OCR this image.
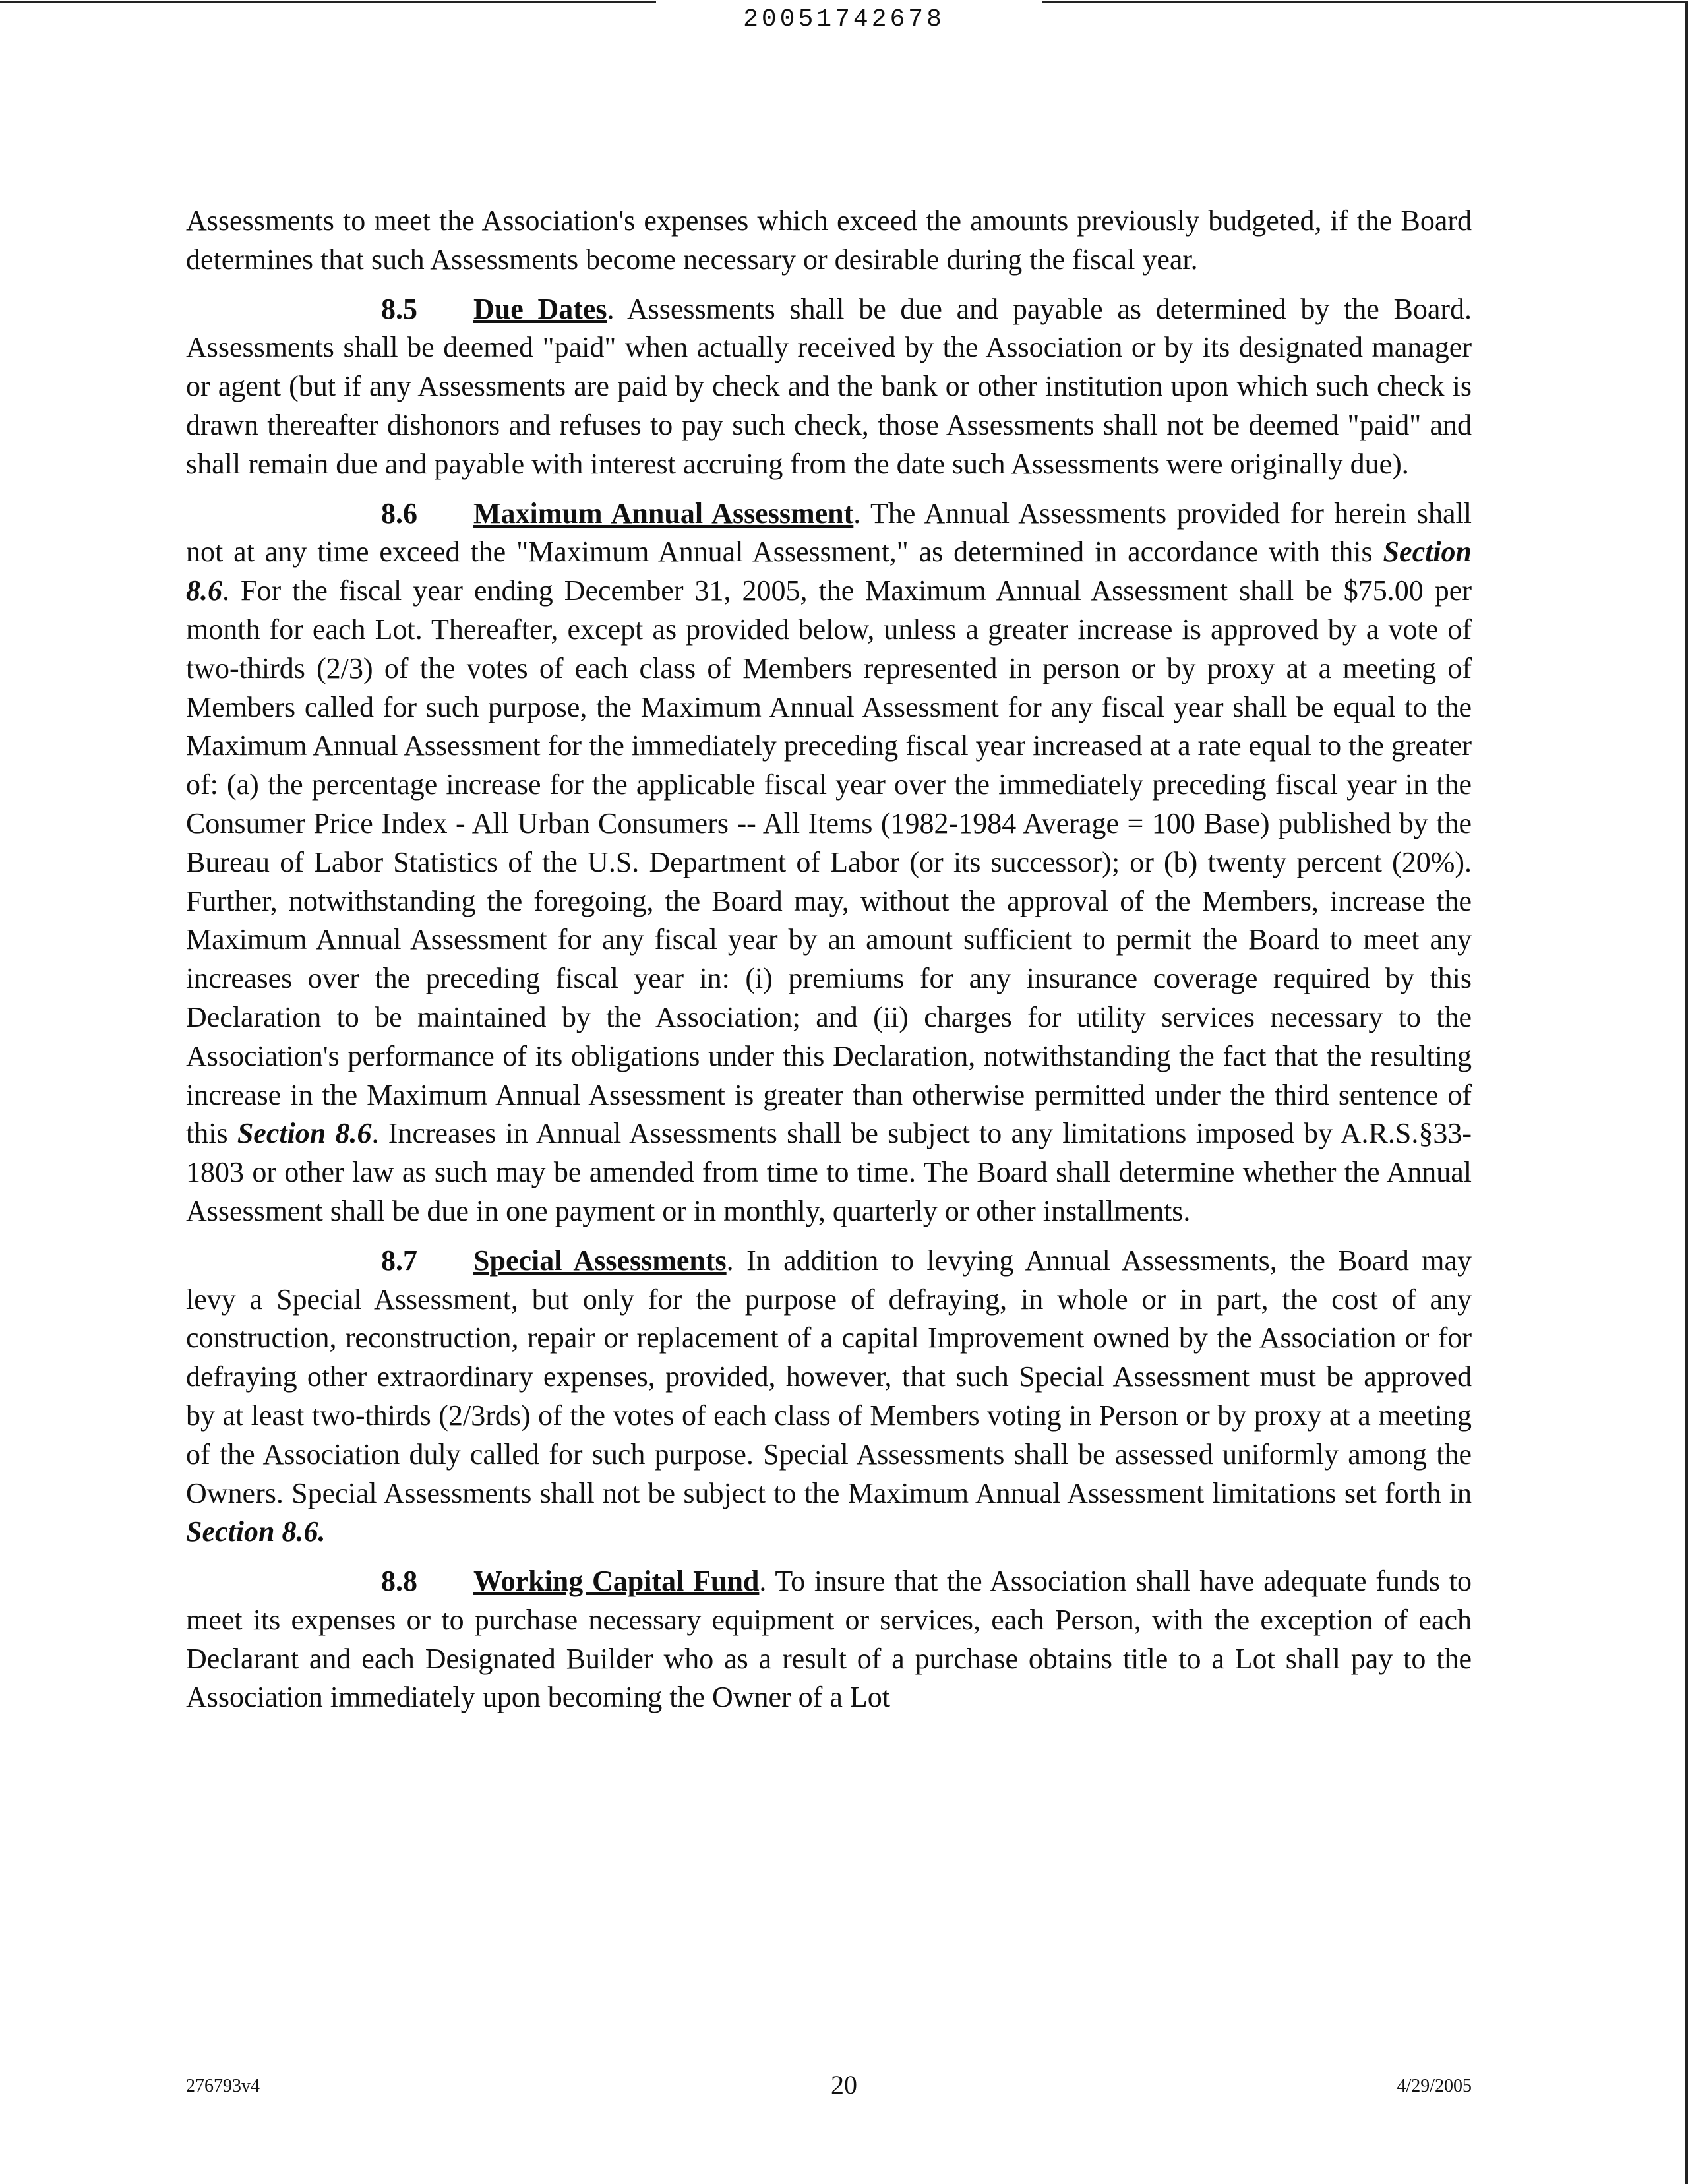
20051742678

Assessments to meet the Association's expenses which exceed the amounts previously budgeted, if the Board determines that such Assessments become necessary or desirable during the fiscal year.

8.5 Due Dates. Assessments shall be due and payable as determined by the Board. Assessments shall be deemed "paid" when actually received by the Association or by its designated manager or agent (but if any Assessments are paid by check and the bank or other institution upon which such check is drawn thereafter dishonors and refuses to pay such check, those Assessments shall not be deemed "paid" and shall remain due and payable with interest accruing from the date such Assessments were originally due).

8.6 Maximum Annual Assessment. The Annual Assessments provided for herein shall not at any time exceed the "Maximum Annual Assessment," as determined in accordance with this Section 8.6. For the fiscal year ending December 31, 2005, the Maximum Annual Assessment shall be $75.00 per month for each Lot. Thereafter, except as provided below, unless a greater increase is approved by a vote of two-thirds (2/3) of the votes of each class of Members represented in person or by proxy at a meeting of Members called for such purpose, the Maximum Annual Assessment for any fiscal year shall be equal to the Maximum Annual Assessment for the immediately preceding fiscal year increased at a rate equal to the greater of: (a) the percentage increase for the applicable fiscal year over the immediately preceding fiscal year in the Consumer Price Index - All Urban Consumers -- All Items (1982-1984 Average = 100 Base) published by the Bureau of Labor Statistics of the U.S. Department of Labor (or its successor); or (b) twenty percent (20%). Further, notwithstanding the foregoing, the Board may, without the approval of the Members, increase the Maximum Annual Assessment for any fiscal year by an amount sufficient to permit the Board to meet any increases over the preceding fiscal year in: (i) premiums for any insurance coverage required by this Declaration to be maintained by the Association; and (ii) charges for utility services necessary to the Association's performance of its obligations under this Declaration, notwithstanding the fact that the resulting increase in the Maximum Annual Assessment is greater than otherwise permitted under the third sentence of this Section 8.6. Increases in Annual Assessments shall be subject to any limitations imposed by A.R.S.§33-1803 or other law as such may be amended from time to time. The Board shall determine whether the Annual Assessment shall be due in one payment or in monthly, quarterly or other installments.

8.7 Special Assessments. In addition to levying Annual Assessments, the Board may levy a Special Assessment, but only for the purpose of defraying, in whole or in part, the cost of any construction, reconstruction, repair or replacement of a capital Improvement owned by the Association or for defraying other extraordinary expenses, provided, however, that such Special Assessment must be approved by at least two-thirds (2/3rds) of the votes of each class of Members voting in Person or by proxy at a meeting of the Association duly called for such purpose. Special Assessments shall be assessed uniformly among the Owners. Special Assessments shall not be subject to the Maximum Annual Assessment limitations set forth in Section 8.6.

8.8 Working Capital Fund. To insure that the Association shall have adequate funds to meet its expenses or to purchase necessary equipment or services, each Person, with the exception of each Declarant and each Designated Builder who as a result of a purchase obtains title to a Lot shall pay to the Association immediately upon becoming the Owner of a Lot

276793v4	20	4/29/2005
